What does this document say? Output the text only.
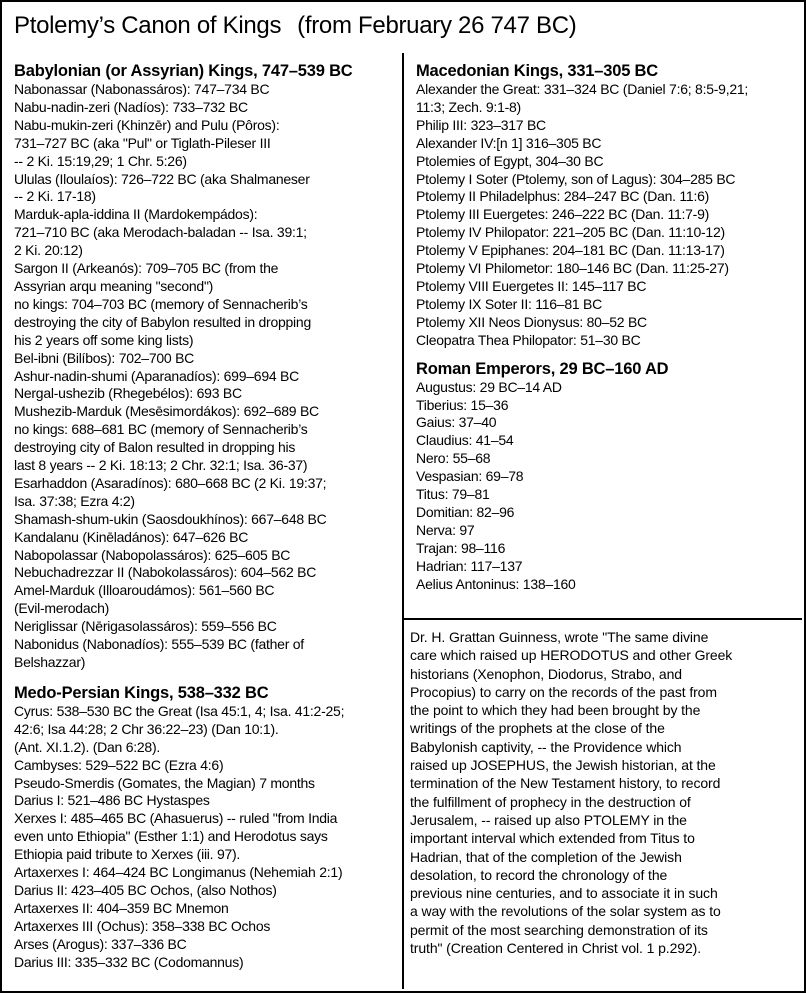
Ptolemy’s Canon of Kings (from February 26 747 BC)
Babylonian (or Assyrian) Kings, 747–539 BC
Nabonassar (Nabonassáros): 747–734 BC
Nabu-nadin-zeri (Nadíos): 733–732 BC
Nabu-mukin-zeri (Khinzēr) and Pulu (Pôros):
731–727 BC (aka "Pul" or Tiglath-Pileser III
-- 2 Ki. 15:19,29; 1 Chr. 5:26)
Ululas (Iloulaíos): 726–722 BC (aka Shalmaneser
-- 2 Ki. 17-18)
Marduk-apla-iddina II (Mardokempádos):
721–710 BC (aka Merodach-baladan -- Isa. 39:1;
2 Ki. 20:12)
Sargon II (Arkeanós): 709–705 BC (from the
Assyrian arqu meaning "second")
no kings: 704–703 BC (memory of Sennacherib’s
destroying the city of Babylon resulted in dropping
his 2 years off some king lists)
Bel-ibni (Bilíbos): 702–700 BC
Ashur-nadin-shumi (Aparanadíos): 699–694 BC
Nergal-ushezib (Rhegebélos): 693 BC
Mushezib-Marduk (Mesēsimordákos): 692–689 BC
no kings: 688–681 BC (memory of Sennacherib’s
destroying city of Balon resulted in dropping his
last 8 years -- 2 Ki. 18:13; 2 Chr. 32:1; Isa. 36-37)
Esarhaddon (Asaradínos): 680–668 BC (2 Ki. 19:37;
Isa. 37:38; Ezra 4:2)
Shamash-shum-ukin (Saosdoukhínos): 667–648 BC
Kandalanu (Kinēladános): 647–626 BC
Nabopolassar (Nabopolassáros): 625–605 BC
Nebuchadrezzar II (Nabokolassáros): 604–562 BC
Amel-Marduk (Illoaroudámos): 561–560 BC
(Evil-merodach)
Neriglissar (Nērigasolassáros): 559–556 BC
Nabonidus (Nabonadíos): 555–539 BC (father of
Belshazzar)
Medo-Persian Kings, 538–332 BC
Cyrus: 538–530 BC the Great (Isa 45:1, 4; Isa. 41:2-25;
42:6; Isa 44:28; 2 Chr 36:22–23) (Dan 10:1).
(Ant. XI.1.2). (Dan 6:28).
Cambyses: 529–522 BC (Ezra 4:6)
Pseudo-Smerdis (Gomates, the Magian) 7 months
Darius I: 521–486 BC Hystaspes
Xerxes I: 485–465 BC (Ahasuerus) -- ruled "from India
even unto Ethiopia" (Esther 1:1) and Herodotus says
Ethiopia paid tribute to Xerxes (iii. 97).
Artaxerxes I: 464–424 BC Longimanus (Nehemiah 2:1)
Darius II: 423–405 BC Ochos, (also Nothos)
Artaxerxes II: 404–359 BC Mnemon
Artaxerxes III (Ochus): 358–338 BC Ochos
Arses (Arogus): 337–336 BC
Darius III: 335–332 BC (Codomannus)
Macedonian Kings, 331–305 BC
Alexander the Great: 331–324 BC (Daniel 7:6; 8:5-9,21;
11:3; Zech. 9:1-8)
Philip III: 323–317 BC
Alexander IV:[n 1] 316–305 BC
Ptolemies of Egypt, 304–30 BC
Ptolemy I Soter (Ptolemy, son of Lagus): 304–285 BC
Ptolemy II Philadelphus: 284–247 BC (Dan. 11:6)
Ptolemy III Euergetes: 246–222 BC (Dan. 11:7-9)
Ptolemy IV Philopator: 221–205 BC (Dan. 11:10-12)
Ptolemy V Epiphanes: 204–181 BC (Dan. 11:13-17)
Ptolemy VI Philometor: 180–146 BC (Dan. 11:25-27)
Ptolemy VIII Euergetes II: 145–117 BC
Ptolemy IX Soter II: 116–81 BC
Ptolemy XII Neos Dionysus: 80–52 BC
Cleopatra Thea Philopator: 51–30 BC
Roman Emperors, 29 BC–160 AD
Augustus: 29 BC–14 AD
Tiberius: 15–36
Gaius: 37–40
Claudius: 41–54
Nero: 55–68
Vespasian: 69–78
Titus: 79–81
Domitian: 82–96
Nerva: 97
Trajan: 98–116
Hadrian: 117–137
Aelius Antoninus: 138–160
Dr. H. Grattan Guinness, wrote "The same divine
care which raised up HERODOTUS and other Greek
historians (Xenophon, Diodorus, Strabo, and
Procopius) to carry on the records of the past from
the point to which they had been brought by the
writings of the prophets at the close of the
Babylonish captivity, -- the Providence which
raised up JOSEPHUS, the Jewish historian, at the
termination of the New Testament history, to record
the fulfillment of prophecy in the destruction of
Jerusalem, -- raised up also PTOLEMY in the
important interval which extended from Titus to
Hadrian, that of the completion of the Jewish
desolation, to record the chronology of the
previous nine centuries, and to associate it in such
a way with the revolutions of the solar system as to
permit of the most searching demonstration of its
truth" (Creation Centered in Christ vol. 1 p.292).
